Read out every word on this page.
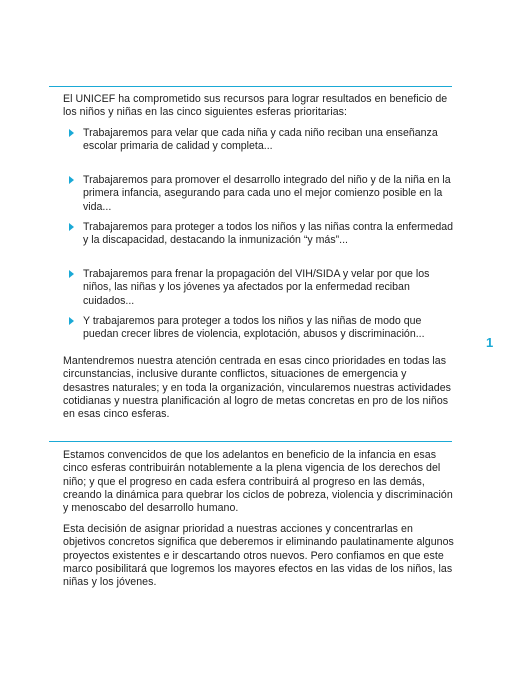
El UNICEF ha comprometido sus recursos para lograr resultados en beneficio de los niños y niñas en las cinco siguientes esferas prioritarias:

Trabajaremos para velar que cada niña y cada niño reciban una enseñanza escolar primaria de calidad y completa...
Trabajaremos para promover el desarrollo integrado del niño y de la niña en la primera infancia, asegurando para cada uno el mejor comienzo posible en la vida...
Trabajaremos para proteger a todos los niños y las niñas contra la enfermedad y la discapacidad, destacando la inmunización “y más”...
Trabajaremos para frenar la propagación del VIH/SIDA y velar por que los niños, las niñas y los jóvenes ya afectados por la enfermedad reciban cuidados...
Y trabajaremos para proteger a todos los niños y las niñas de modo que puedan crecer libres de violencia, explotación, abusos y discriminación...

Mantendremos nuestra atención centrada en esas cinco prioridades en todas las circunstancias, inclusive durante conflictos, situaciones de emergencia y desastres naturales; y en toda la organización, vincularemos nuestras actividades cotidianas y nuestra planificación al logro de metas concretas en pro de los niños en esas cinco esferas.

1

Estamos convencidos de que los adelantos en beneficio de la infancia en esas cinco esferas contribuirán notablemente a la plena vigencia de los derechos del niño; y que el progreso en cada esfera contribuirá al progreso en las demás, creando la dinámica para quebrar los ciclos de pobreza, violencia y discriminación y menoscabo del desarrollo humano.

Esta decisión de asignar prioridad a nuestras acciones y concentrarlas en objetivos concretos significa que deberemos ir eliminando paulatinamente algunos proyectos existentes e ir descartando otros nuevos. Pero confiamos en que este marco posibilitará que logremos los mayores efectos en las vidas de los niños, las niñas y los jóvenes.
